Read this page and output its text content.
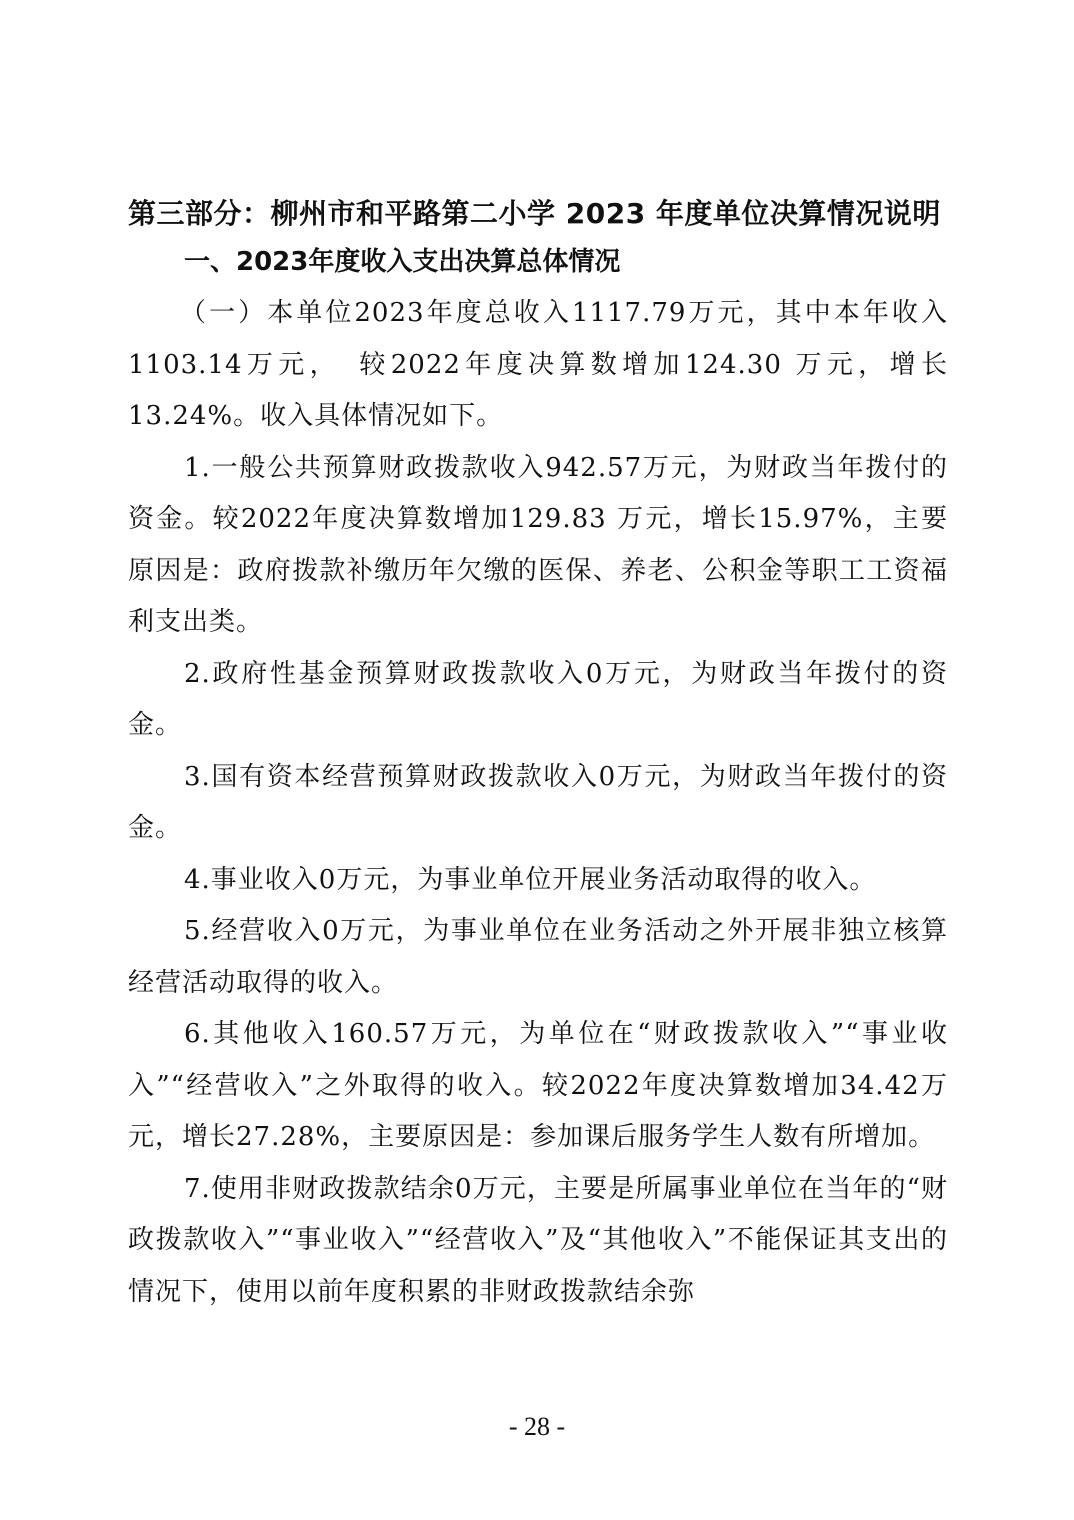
第三部分：柳州市和平路第二小学 2023 年度单位决算情况说明
一、2023年度收入支出决算总体情况

（一）本单位2023年度总收入1117.79万元，其中本年收入1103.14万元，　较2022年度决算数增加124.30 万元，增长13.24%。收入具体情况如下。

1.一般公共预算财政拨款收入942.57万元，为财政当年拨付的资金。较2022年度决算数增加129.83 万元，增长15.97%，主要原因是：政府拨款补缴历年欠缴的医保、养老、公积金等职工工资福利支出类。

2.政府性基金预算财政拨款收入0万元，为财政当年拨付的资金。

3.国有资本经营预算财政拨款收入0万元，为财政当年拨付的资金。

4.事业收入0万元，为事业单位开展业务活动取得的收入。

5.经营收入0万元，为事业单位在业务活动之外开展非独立核算经营活动取得的收入。

6.其他收入160.57万元，为单位在“财政拨款收入”“事业收入”“经营收入”之外取得的收入。较2022年度决算数增加34.42万元，增长27.28%，主要原因是：参加课后服务学生人数有所增加。

7.使用非财政拨款结余0万元，主要是所属事业单位在当年的“财政拨款收入”“事业收入”“经营收入”及“其他收入”不能保证其支出的情况下，使用以前年度积累的非财政拨款结余弥

- 28 -
